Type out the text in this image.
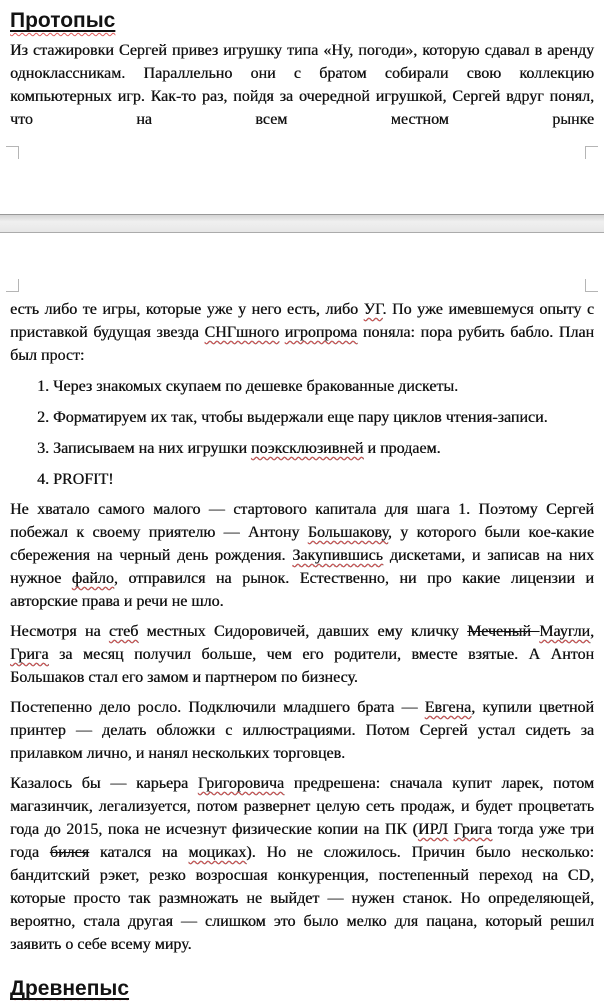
Протопыс

Из стажировки Сергей привез игрушку типа «Ну, погоди», которую сдавал в аренду одноклассникам. Параллельно они с братом собирали свою коллекцию компьютерных игр. Как-то раз, пойдя за очередной игрушкой, Сергей вдруг понял, что на всем местном рынке

есть либо те игры, которые уже у него есть, либо УГ. По уже имевшемуся опыту с приставкой будущая звезда СНГшного игропрома поняла: пора рубить бабло. План был прост:

1. Через знакомых скупаем по дешевке бракованные дискеты.
2. Форматируем их так, чтобы выдержали еще пару циклов чтения-записи.
3. Записываем на них игрушки поэксклюзивней и продаем.
4. PROFIT!

Не хватало самого малого — стартового капитала для шага 1. Поэтому Сергей побежал к своему приятелю — Антону Большакову, у которого были кое-какие сбережения на черный день рождения. Закупившись дискетами, и записав на них нужное файло, отправился на рынок. Естественно, ни про какие лицензии и авторские права и речи не шло.

Несмотря на стеб местных Сидоровичей, давших ему кличку Меченый Маугли, Грига за месяц получил больше, чем его родители, вместе взятые. А Антон Большаков стал его замом и партнером по бизнесу.

Постепенно дело росло. Подключили младшего брата — Евгена, купили цветной принтер — делать обложки с иллюстрациями. Потом Сергей устал сидеть за прилавком лично, и нанял нескольких торговцев.

Казалось бы — карьера Григоровича предрешена: сначала купит ларек, потом магазинчик, легализуется, потом развернет целую сеть продаж, и будет процветать года до 2015, пока не исчезнут физические копии на ПК (ИРЛ Грига тогда уже три года бился катался на моциках). Но не сложилось. Причин было несколько: бандитский рэкет, резко возросшая конкуренция, постепенный переход на CD, которые просто так размножать не выйдет — нужен станок. Но определяющей, вероятно, стала другая — слишком это было мелко для пацана, который решил заявить о себе всему миру.

Древнепыс
